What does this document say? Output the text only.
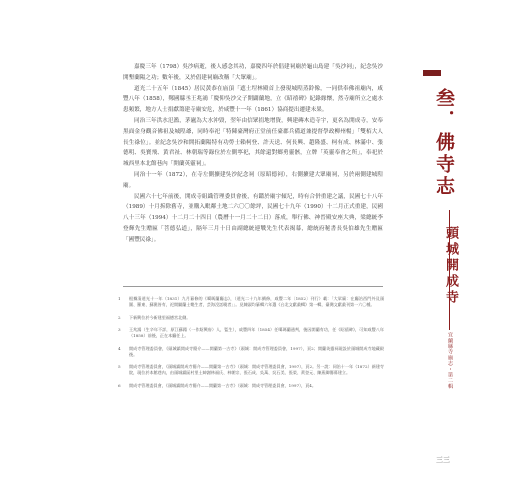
嘉慶三年（1798）吳沙病逝，後人感念其功，嘉慶四年於倡建祠廟於龜山島建「吳沙祠」，紀念吳沙開墾蘭陽之功；數年後，又於倡建祠廟改稱「大眾廟」。

道光二十五年（1845）居民黃恭在庙頂「遮土埕林殿首上發現城隍蒸鈴像，一同供奉佛祖廟內，咸豐八年（1858），鄭國縣丞王兆鴻「慶仰吳沙父子開闢蘭地，立《昭禧碑》紀錄緣懷，然寺廟所立之處水患頻繁，地方人士捐獻籌建寺廟安危，於咸豐十一年（1861）協商提出遷建未果。

同治三年洪水氾濫，茅廬為大水沖毀，翌年由信眾捐地增資，興建磚木造寺宇，更名為開成寺，安奉黑面金身觀音佛祖及城隍爺，同時奉祀「特陳臺灣府正堂前任臺郡兵備道兼提督學政柳州楊」「雙栢大人長生祿位」。並紀念吳沙和開拓蘭陽特有功勞士賴柯登、許天送、何長興、趙隆盛、柯有成、林滿中、張德明、吳寶飛、黃君祉、林朝瑞等錄位於左側寧祀，其餘還對鄉勇靈骸，立牌「英靈奉會之所」，奉祀於城西里本北館巷內「開蘭英靈祠」。

同治十一年（1872），在寺左側擴建吳沙紀念祠（原昭德祠），右側擴建大眾廟祠，另於兩側建城隍廟。

民國六十七年前後，開成寺組織管理委員會後，有鑑於廟宇傾圮，時有合併重建之議，民國七十八年（1989）十月拆除舊寺，並購入毗鄰土地二六〇〇餘坪，民國七十九年（1990）十二月正式重建，民國八十三年（1994）十二月二十四日（農曆十一月二十二日）落成，舉行佛、神晉殿安座大典，梁總統李登輝先生贈匾「菩德弘道」，隔年三月十日由副總統連戰先生代表揭幕，總統府秘書長吳伯雄先生贈匾「國豐民祿」。

1	根據清道光十一年（1831）九月纂修的《噶瑪蘭廳志》，（道光二十九年續修，咸豐二年〔1852〕刊行）載：「大眾廟：在廳治西門外及頭圍、羅東、蘇澳皆有，祀開闢蘭土斃生者，芸海沒話曉者」」。見陳淑均纂輯六年選《台北文獻叢輯》第一輯，臺灣文獻叢刊第一六〇種。
2	下新興位於今新建里福德宮北側。
3	王兆鴻（生卒年不詳，原江蘇籍（一作紹興府）人，監生），咸豐四年（1854）任噶瑪蘭通判，後因開蘭有功，任《昭禧碑》，可知咸豐八年（1858）前後，正在本廳任上。
4	開成寺管理委員會，《頭城鎮開成寺簡介——開蘭第一古寺》（頭城：開成寺管理委員會，1997），頁2；開蘭英靈祠現設於頭城開成寺地藏殿後。
5	開成寺管理委員會，《頭城鎮開成寺簡介——開蘭第一古寺》（頭城：開成寺管理委員會，1997），頁2。另一說：同治十一年（1872）新建寺院，現位於本館巷內，由頭城鎮區村里士紳謝林福氏、林朝宗、張石成、吳萬、吳石美、張榮、黃登元、陳燕卿籌募建立。
6	開成寺管理委員會，《頭城鎮開成寺簡介——開蘭第一古寺》（頭城：開成寺管理委員會，1997），頁4。
叁．佛寺志
頭城開成寺
宜蘭縣寺廟志・第二輯
三三
